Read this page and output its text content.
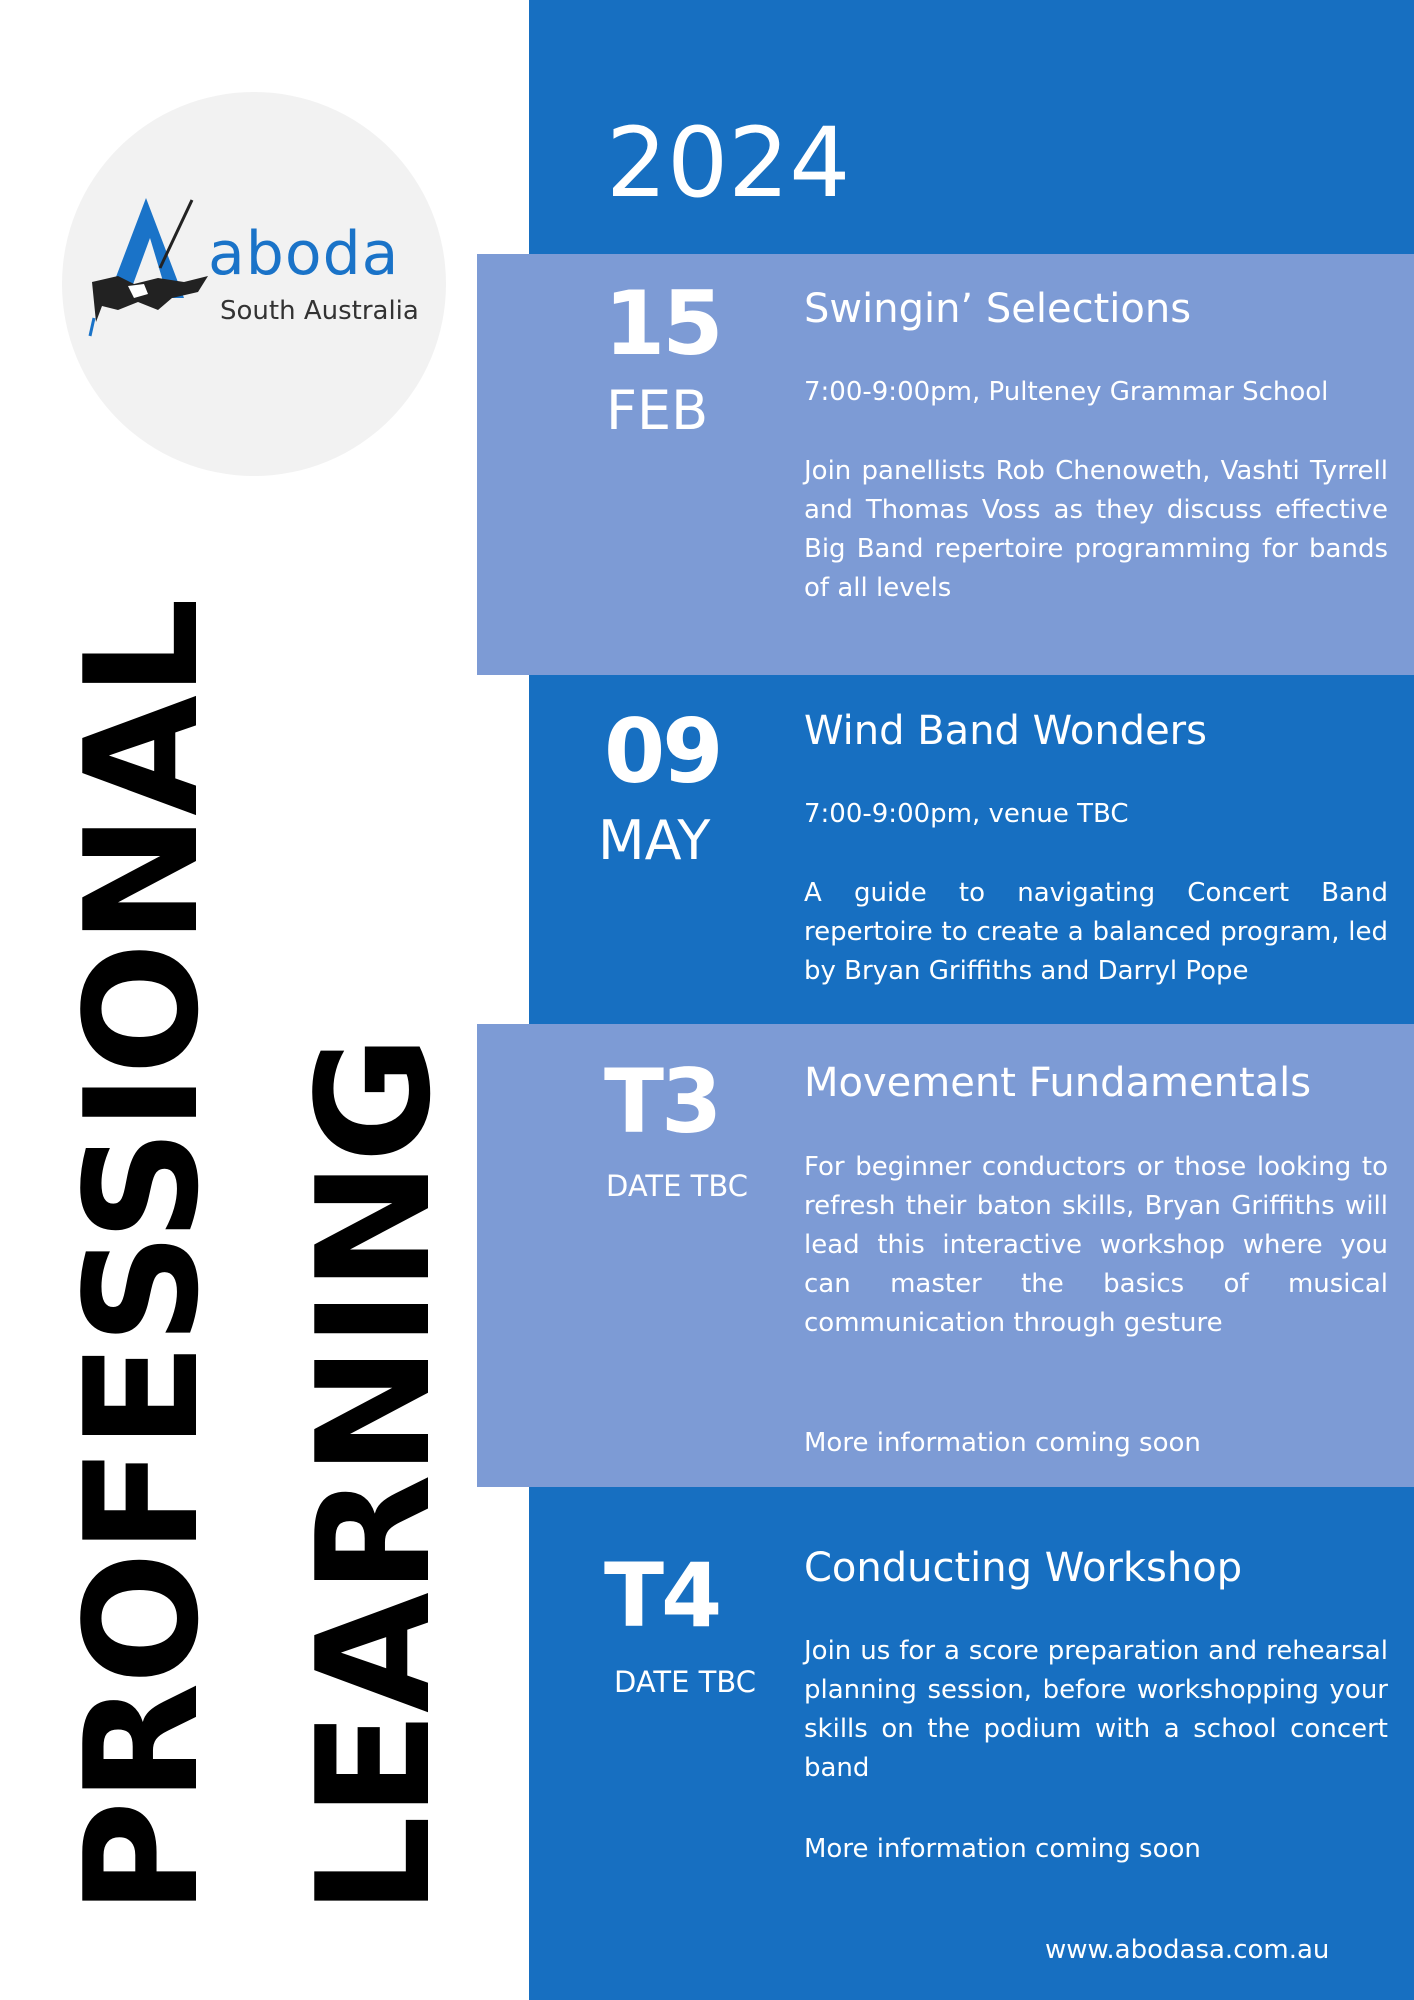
aboda
South Australia
PROFESSIONAL LEARNING
2024
15
FEB
Swingin’ Selections
7:00-9:00pm, Pulteney Grammar School
Join panellists Rob Chenoweth, Vashti Tyrrell and Thomas Voss as they discuss effective Big Band repertoire programming for bands of all levels
09
MAY
Wind Band Wonders
7:00-9:00pm, venue TBC
A guide to navigating Concert Band repertoire to create a balanced program, led by Bryan Griffiths and Darryl Pope
T3
DATE TBC
Movement Fundamentals
For beginner conductors or those looking to refresh their baton skills, Bryan Griffiths will lead this interactive workshop where you can master the basics of musical communication through gesture
More information coming soon
T4
DATE TBC
Conducting Workshop
Join us for a score preparation and rehearsal planning session, before workshopping your skills on the podium with a school concert band
More information coming soon
www.abodasa.com.au
